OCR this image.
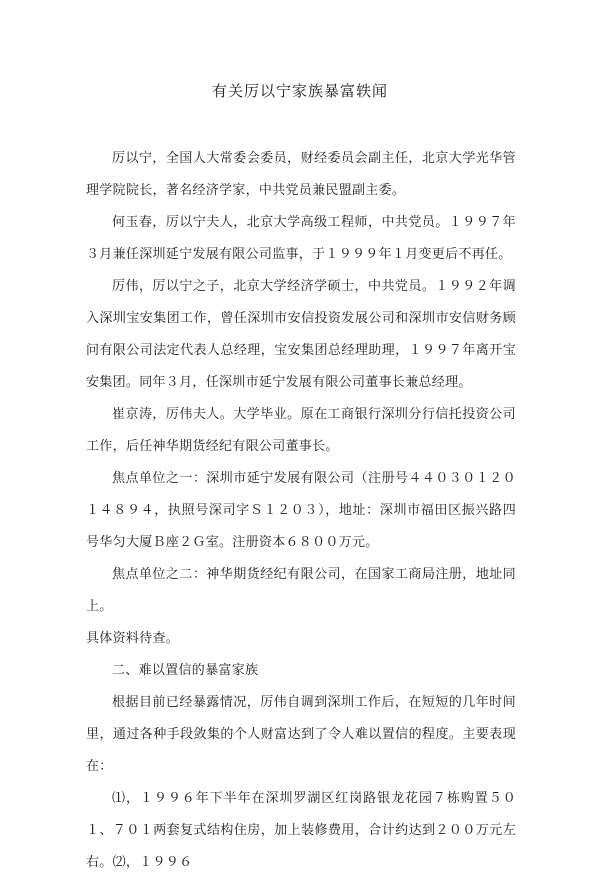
有关厉以宁家族暴富轶闻

厉以宁，全国人大常委会委员，财经委员会副主任，北京大学光华管理学院院长，著名经济学家，中共党员兼民盟副主委。

何玉春，厉以宁夫人，北京大学高级工程师，中共党员。１９９７年３月兼任深圳延宁发展有限公司监事，于１９９９年１月变更后不再任。

厉伟，厉以宁之子，北京大学经济学硕士，中共党员。１９９２年调入深圳宝安集团工作，曾任深圳市安信投资发展公司和深圳市安信财务顾问有限公司法定代表人总经理，宝安集团总经理助理，１９９７年离开宝安集团。同年３月，任深圳市延宁发展有限公司董事长兼总经理。

崔京涛，厉伟夫人。大学毕业。原在工商银行深圳分行信托投资公司工作，后任神华期货经纪有限公司董事长。

焦点单位之一：深圳市延宁发展有限公司（注册号４４０３０１２０１４８９４，执照号深司字Ｓ１２０３），地址：深圳市福田区振兴路四号华匀大厦Ｂ座２Ｇ室。注册资本６８００万元。

焦点单位之二：神华期货经纪有限公司，在国家工商局注册，地址同上。

具体资料待查。

二、难以置信的暴富家族

根据目前已经暴露情况，厉伟自调到深圳工作后，在短短的几年时间里，通过各种手段敛集的个人财富达到了令人难以置信的程度。主要表现在：

⑴，１９９６年下半年在深圳罗湖区红岗路银龙花园７栋购置５０１、７０１两套复式结构住房，加上装修费用，合计约达到２００万元左右。⑵，１９９６
